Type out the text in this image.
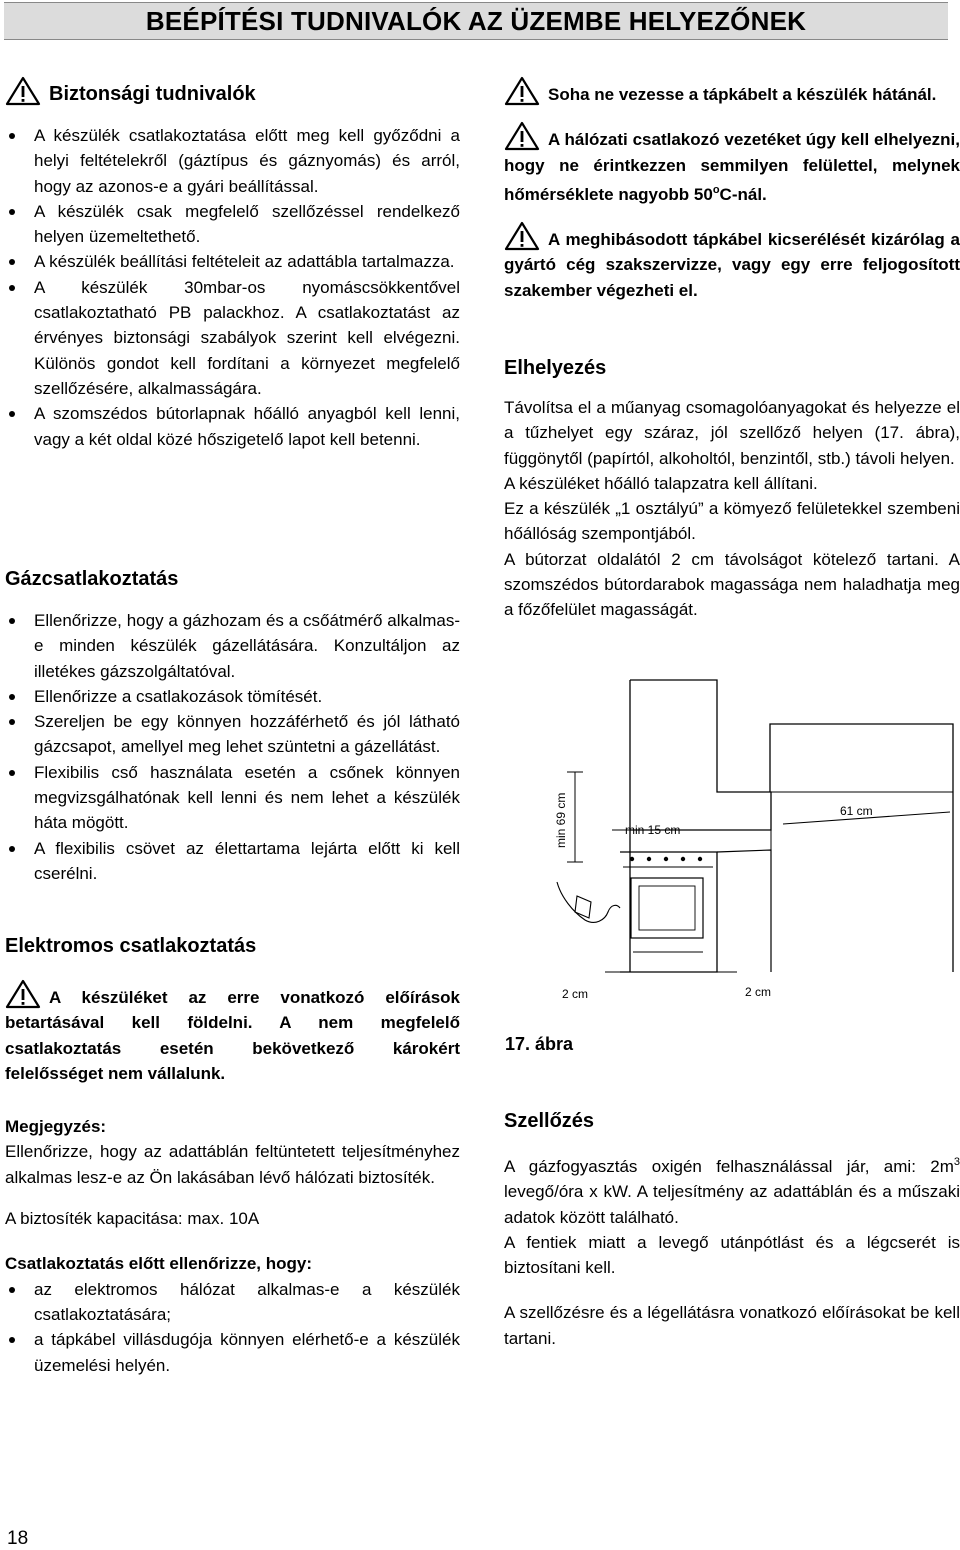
BEÉPÍTÉSI TUDNIVALÓK AZ ÜZEMBE HELYEZŐNEK
Biztonsági tudnivalók
A készülék csatlakoztatása előtt meg kell győződni a helyi feltételekről (gáztípus és gáznyomás) és arról, hogy az azonos-e a gyári beállítással.
A készülék csak megfelelő szellőzéssel rendelkező helyen üzemeltethető.
A készülék beállítási feltételeit az adattábla tartalmazza.
A készülék 30mbar-os nyomáscsökkentővel csatlakoztatható PB palackhoz. A csatlakoztatást az érvényes biztonsági szabályok szerint kell elvégezni. Különös gondot kell fordítani a környezet megfelelő szellőzésére, alkalmasságára.
A szomszédos bútorlapnak hőálló anyagból kell lenni, vagy a két oldal közé hőszigetelő lapot kell betenni.
Gázcsatlakoztatás
Ellenőrizze, hogy a gázhozam és a csőátmérő alkalmas-e minden készülék gázellátására. Konzultáljon az illetékes gázszolgáltatóval.
Ellenőrizze a csatlakozások tömítését.
Szereljen be egy könnyen hozzáférhető és jól látható gázcsapot, amellyel meg lehet szüntetni a gázellátást.
Flexibilis cső használata esetén a csőnek könnyen megvizsgálhatónak kell lenni és nem lehet a készülék háta mögött.
A flexibilis csövet az élettartama lejárta előtt ki kell cserélni.
Elektromos csatlakoztatás

A készüléket az erre vonatkozó előírások betartásával kell földelni. A nem megfelelő csatlakoztatás esetén bekövetkező károkért felelősséget nem vállalunk.

Megjegyzés:

Ellenőrizze, hogy az adattáblán feltüntetett teljesítményhez alkalmas lesz-e az Ön lakásában lévő hálózati biztosíték.

A biztosíték kapacitása: max. 10A

Csatlakoztatás előtt ellenőrizze, hogy:

az elektromos hálózat alkalmas-e a készülék csatlakoztatására;
a tápkábel villásdugója könnyen elérhető-e a készülék üzemelési helyén.

Soha ne vezesse a tápkábelt a készülék hátánál.

A hálózati csatlakozó vezetéket úgy kell elhelyezni, hogy ne érintkezzen semmilyen felülettel, melynek hőmérséklete nagyobb 50$^o$C-nál.

A meghibásodott tápkábel kicserélését kizárólag a gyártó cég szakszervizze, vagy egy erre feljogosított szakember végezheti el.

Elhelyezés

Távolítsa el a műanyag csomagolóanyagokat és helyezze el a tűzhelyet egy száraz, jól szellőző helyen (17. ábra), függönytől (papírtól, alkoholtól, benzintől, stb.) távoli helyen.

A készüléket hőálló talapzatra kell állítani.

Ez a készülék „1 osztályú” a kömyező felületekkel szembeni hőállóság szempontjából.

A bútorzat oldalától 2 cm távolságot kötelező tartani. A szomszédos bútordarabok magassága nem haladhatja meg a főzőfelület magasságát.

Szellőzés

A gázfogyasztás oxigén felhasználással jár, ami: $2m^3$ levegő/óra x kW. A teljesítmény az adattáblán és a műszaki adatok között található.

A fentiek miatt a levegő utánpótlást és a légcserét is biztosítani kell.

A szellőzésre és a légellátásra vonatkozó előírásokat be kell tartani.

min 69 cm	min 15 cm
61 cm
2 cm	2 cm
17. ábra
18
